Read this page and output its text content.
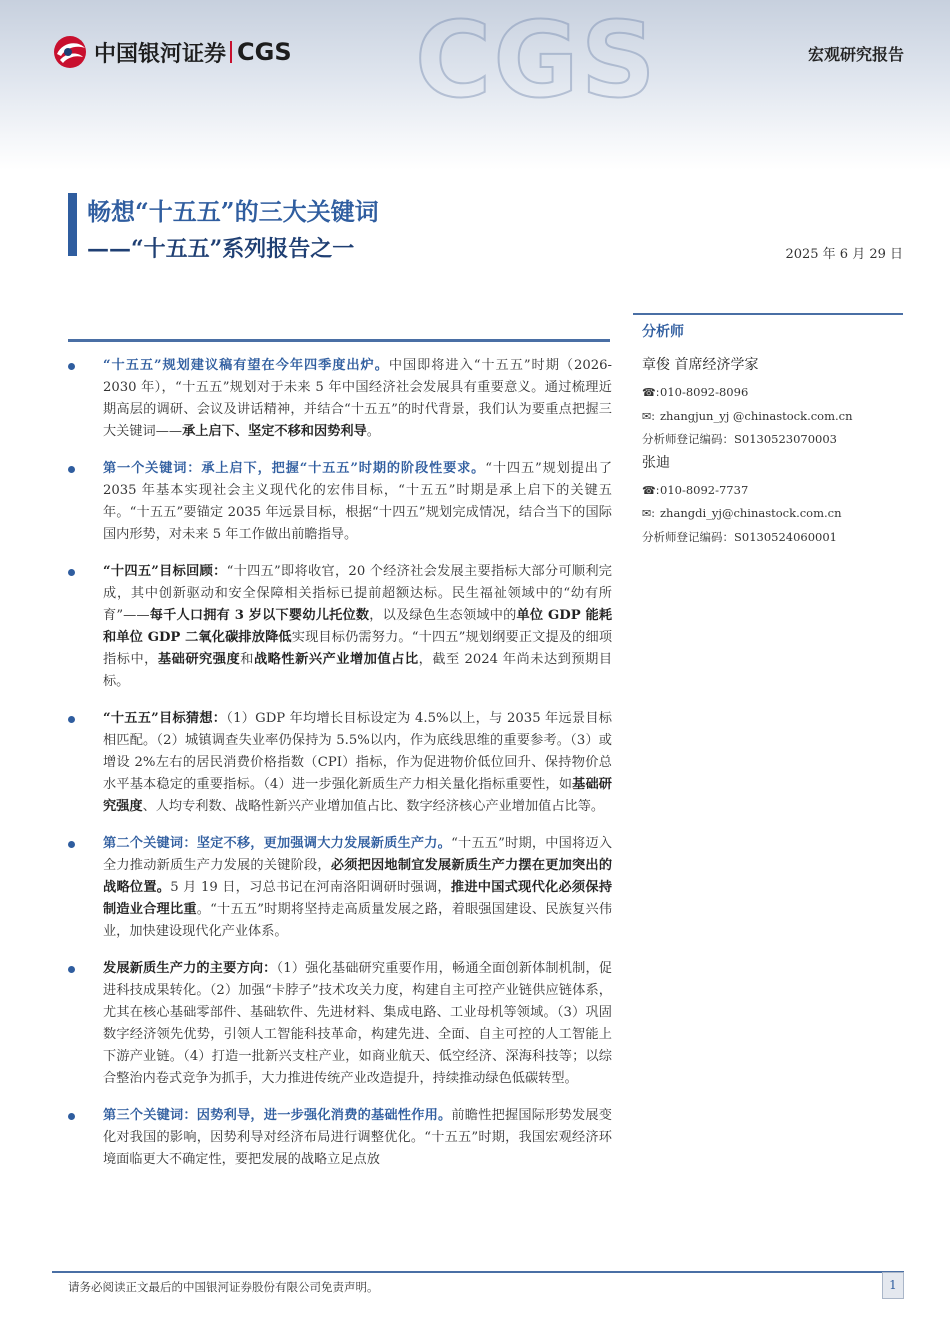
CGS
中国银河证券 CGS	宏观研究报告
畅想“十五五”的三大关键词
——“十五五”系列报告之一	2025 年 6 月 29 日
“十五五”规划建议稿有望在今年四季度出炉。中国即将进入“十五五”时期（2026-2030 年），“十五五”规划对于未来 5 年中国经济社会发展具有重要意义。通过梳理近期高层的调研、会议及讲话精神，并结合“十五五”的时代背景，我们认为要重点把握三大关键词——承上启下、坚定不移和因势利导。
第一个关键词：承上启下，把握“十五五”时期的阶段性要求。“十四五”规划提出了 2035 年基本实现社会主义现代化的宏伟目标，“十五五”时期是承上启下的关键五年。“十五五”要锚定 2035 年远景目标，根据“十四五”规划完成情况，结合当下的国际国内形势，对未来 5 年工作做出前瞻指导。
“十四五”目标回顾：“十四五”即将收官，20 个经济社会发展主要指标大部分可顺利完成，其中创新驱动和安全保障相关指标已提前超额达标。民生福祉领域中的“幼有所育”——每千人口拥有 3 岁以下婴幼儿托位数，以及绿色生态领域中的单位 GDP 能耗和单位 GDP 二氧化碳排放降低实现目标仍需努力。“十四五”规划纲要正文提及的细项指标中，基础研究强度和战略性新兴产业增加值占比，截至 2024 年尚未达到预期目标。
“十五五”目标猜想：（1）GDP 年均增长目标设定为 4.5%以上，与 2035 年远景目标相匹配。（2）城镇调查失业率仍保持为 5.5%以内，作为底线思维的重要参考。（3）或增设 2%左右的居民消费价格指数（CPI）指标，作为促进物价低位回升、保持物价总水平基本稳定的重要指标。（4）进一步强化新质生产力相关量化指标重要性，如基础研究强度、人均专利数、战略性新兴产业增加值占比、数字经济核心产业增加值占比等。
第二个关键词：坚定不移，更加强调大力发展新质生产力。“十五五”时期，中国将迈入全力推动新质生产力发展的关键阶段，必须把因地制宜发展新质生产力摆在更加突出的战略位置。5 月 19 日，习总书记在河南洛阳调研时强调，推进中国式现代化必须保持制造业合理比重。“十五五”时期将坚持走高质量发展之路，着眼强国建设、民族复兴伟业，加快建设现代化产业体系。
发展新质生产力的主要方向：（1）强化基础研究重要作用，畅通全面创新体制机制，促进科技成果转化。（2）加强“卡脖子”技术攻关力度，构建自主可控产业链供应链体系，尤其在核心基础零部件、基础软件、先进材料、集成电路、工业母机等领域。（3）巩固数字经济领先优势，引领人工智能科技革命，构建先进、全面、自主可控的人工智能上下游产业链。（4）打造一批新兴支柱产业，如商业航天、低空经济、深海科技等；以综合整治内卷式竞争为抓手，大力推进传统产业改造提升，持续推动绿色低碳转型。
第三个关键词：因势利导，进一步强化消费的基础性作用。前瞻性把握国际形势发展变化对我国的影响，因势利导对经济布局进行调整优化。“十五五”时期，我国宏观经济环境面临更大不确定性，要把发展的战略立足点放
分析师
章俊 首席经济学家
☎:010-8092-8096
✉: zhangjun_yj @chinastock.com.cn
分析师登记编码：S0130523070003
张迪
☎:010-8092-7737
✉: zhangdi_yj@chinastock.com.cn
分析师登记编码：S0130524060001
请务必阅读正文最后的中国银河证券股份有限公司免责声明。	1
